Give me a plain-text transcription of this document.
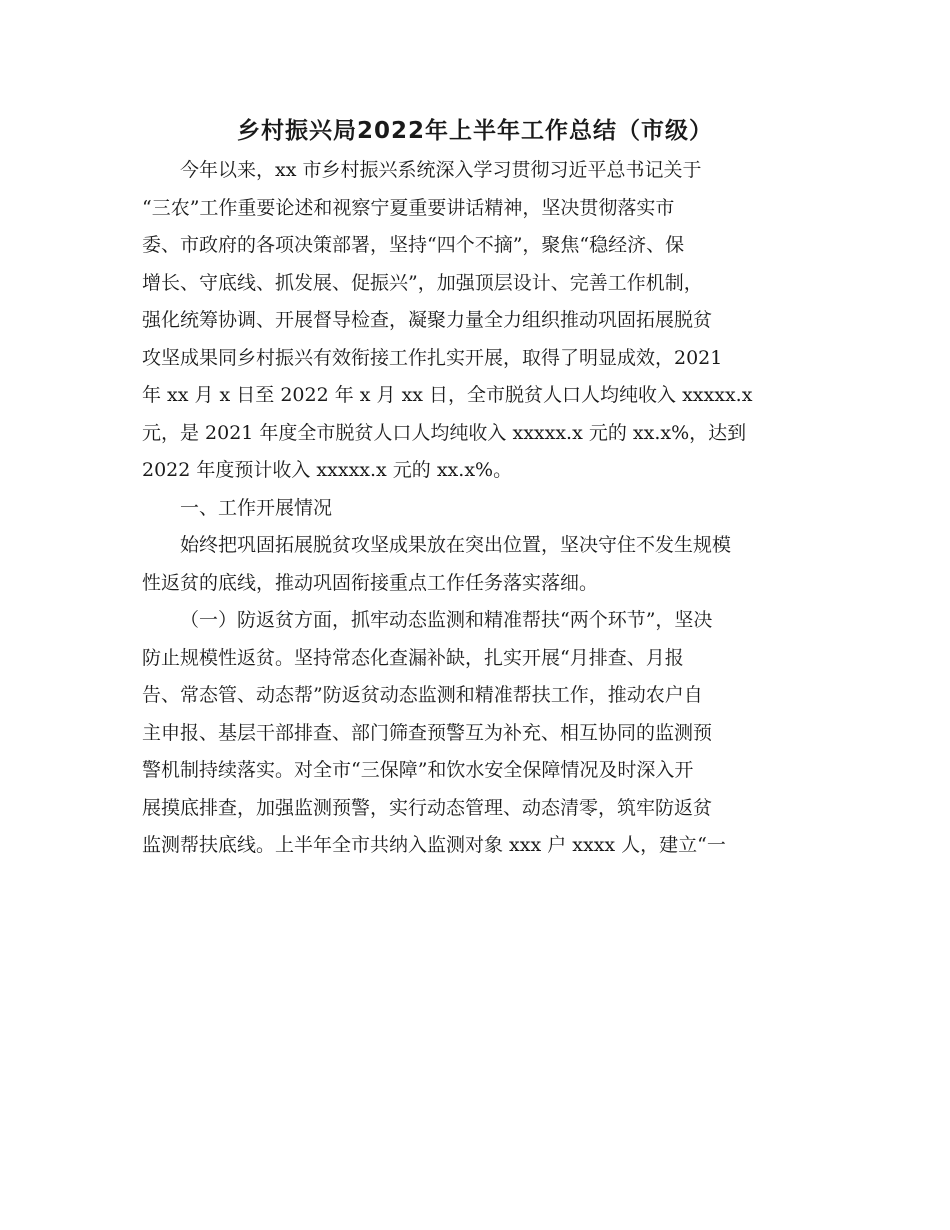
乡村振兴局2022年上半年工作总结（市级）
今年以来，xx 市乡村振兴系统深入学习贯彻习近平总书记关于
“三农”工作重要论述和视察宁夏重要讲话精神，坚决贯彻落实市
委、市政府的各项决策部署，坚持“四个不摘”，聚焦“稳经济、保
增长、守底线、抓发展、促振兴”，加强顶层设计、完善工作机制，
强化统筹协调、开展督导检查，凝聚力量全力组织推动巩固拓展脱贫
攻坚成果同乡村振兴有效衔接工作扎实开展，取得了明显成效，2021
年 xx 月 x 日至 2022 年 x 月 xx 日，全市脱贫人口人均纯收入 xxxxx.x
元，是 2021 年度全市脱贫人口人均纯收入 xxxxx.x 元的 xx.x%，达到
2022 年度预计收入 xxxxx.x 元的 xx.x%。
一、工作开展情况
始终把巩固拓展脱贫攻坚成果放在突出位置，坚决守住不发生规模
性返贫的底线，推动巩固衔接重点工作任务落实落细。
（一）防返贫方面，抓牢动态监测和精准帮扶“两个环节”，坚决
防止规模性返贫。坚持常态化查漏补缺，扎实开展“月排查、月报
告、常态管、动态帮”防返贫动态监测和精准帮扶工作，推动农户自
主申报、基层干部排查、部门筛查预警互为补充、相互协同的监测预
警机制持续落实。对全市“三保障”和饮水安全保障情况及时深入开
展摸底排查，加强监测预警，实行动态管理、动态清零，筑牢防返贫
监测帮扶底线。上半年全市共纳入监测对象 xxx 户 xxxx 人，建立“一
